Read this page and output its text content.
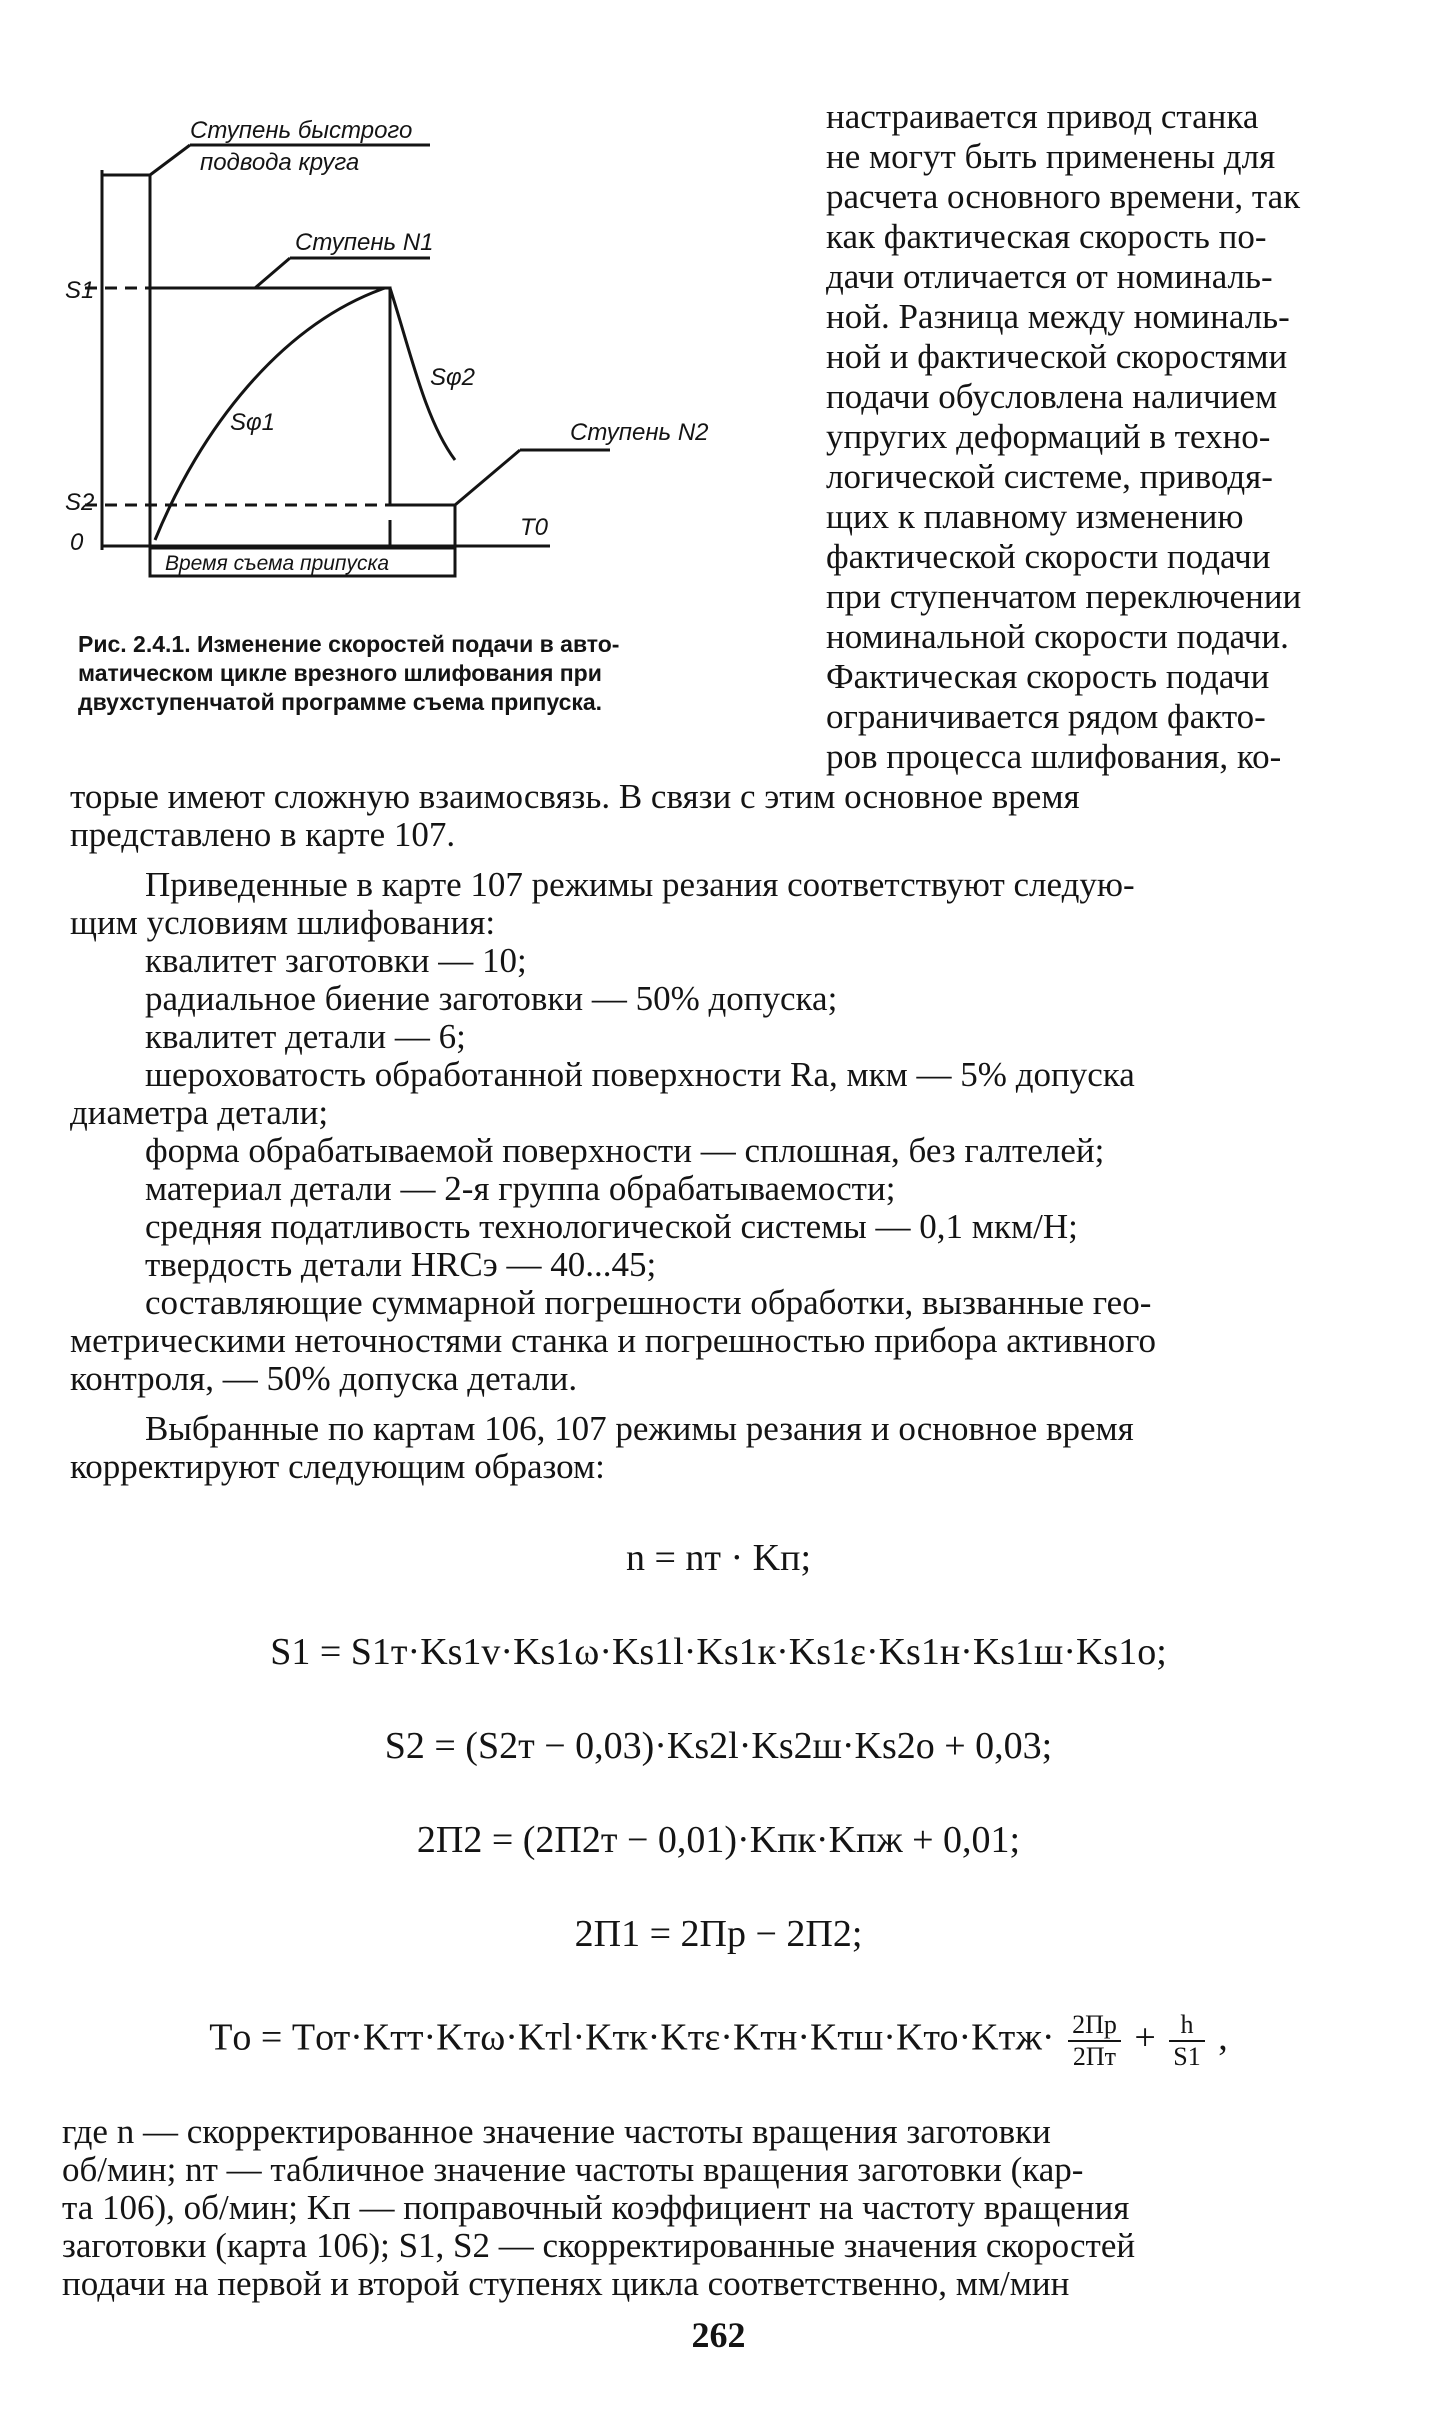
Ступень быстрого
подвода круга
Ступень N1
Ступень N2
S1
S2
0
Sφ1
Sφ2
T0
Время съема припуска
Рис. 2.4.1. Изменение скоростей подачи в авто-
матическом цикле врезного шлифования при
двухступенчатой программе съема припуска.
настраивается привод станка
не могут быть применены для
расчета основного времени, так
как фактическая скорость по-
дачи отличается от номиналь-
ной. Разница между номиналь-
ной и фактической скоростями
подачи обусловлена наличием
упругих деформаций в техно-
логической системе, приводя-
щих к плавному изменению
фактической скорости подачи
при ступенчатом переключении
номинальной скорости подачи.
Фактическая скорость подачи
ограничивается рядом факто-
ров процесса шлифования, ко-
торые имеют сложную взаимосвязь. В связи с этим основное время
представлено в карте 107.
Приведенные в карте 107 режимы резания соответствуют следую-
щим условиям шлифования:
квалитет заготовки — 10;
радиальное биение заготовки — 50% допуска;
квалитет детали — 6;
шероховатость обработанной поверхности Ra, мкм — 5% допуска
диаметра детали;
форма обрабатываемой поверхности — сплошная, без галтелей;
материал детали — 2-я группа обрабатываемости;
средняя податливость технологической системы — 0,1 мкм/Н;
твердость детали HRCэ — 40...45;
составляющие суммарной погрешности обработки, вызванные гео-
метрическими неточностями станка и погрешностью прибора активного
контроля, — 50% допуска детали.
Выбранные по картам 106, 107 режимы резания и основное время
корректируют следующим образом:
n = nт · Kп;
S1 = S1т·Ks1v·Ks1ω·Ks1l·Ks1к·Ks1ε·Ks1н·Ks1ш·Ks1о;
S2 = (S2т − 0,03)·Ks2l·Ks2ш·Ks2о + 0,03;
2П2 = (2П2т − 0,01)·Kпк·Kпж + 0,01;
2П1 = 2Пр − 2П2;
Tо = $Tот\cdot Kтт\cdot Kт\omega\cdot Kтl\cdot Kтк\cdot Kт\varepsilon\cdot Kтн\cdot Kтш\cdot Kто\cdot Kтж\cdot \frac{2Пр}{2Пт} + \frac{h}{S1}$ ,
где n — скорректированное значение частоты вращения заготовки
об/мин; nт — табличное значение частоты вращения заготовки (кар-
та 106), об/мин; Kп — поправочный коэффициент на частоту вращения
заготовки (карта 106); S1, S2 — скорректированные значения скоростей
подачи на первой и второй ступенях цикла соответственно, мм/мин
262
